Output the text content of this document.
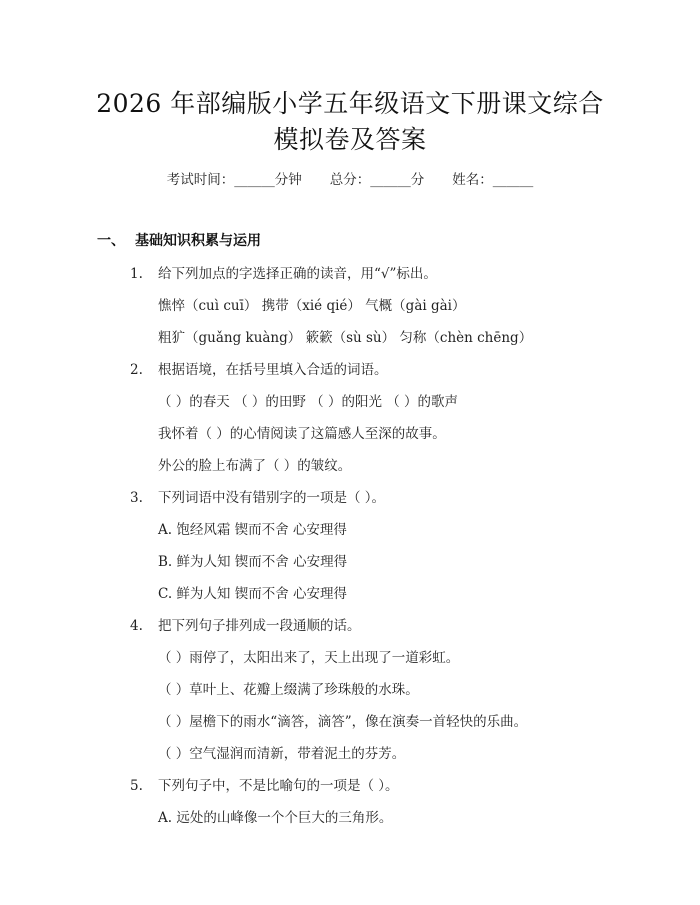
2026 年部编版小学五年级语文下册课文综合
模拟卷及答案
考试时间：______分钟 总分：______分 姓名：______
一、 基础知识积累与运用
1. 给下列加点的字选择正确的读音，用“√”标出。
憔悴（cuì cuī） 携带（xié qié） 气概（gài gài）
粗犷（guǎng kuàng） 簌簌（sù sù） 匀称（chèn chēng）
2. 根据语境，在括号里填入合适的词语。
（ ）的春天 （ ）的田野 （ ）的阳光 （ ）的歌声
我怀着（ ）的心情阅读了这篇感人至深的故事。
外公的脸上布满了（ ）的皱纹。
3. 下列词语中没有错别字的一项是（ ）。
A. 饱经风霜 锲而不舍 心安理得
B. 鲜为人知 锲而不舍 心安理得
C. 鲜为人知 锲而不舍 心安理得
4. 把下列句子排列成一段通顺的话。
（ ）雨停了，太阳出来了，天上出现了一道彩虹。
（ ）草叶上、花瓣上缀满了珍珠般的水珠。
（ ）屋檐下的雨水“滴答，滴答”，像在演奏一首轻快的乐曲。
（ ）空气湿润而清新，带着泥土的芬芳。
5. 下列句子中，不是比喻句的一项是（ ）。
A. 远处的山峰像一个个巨大的三角形。
